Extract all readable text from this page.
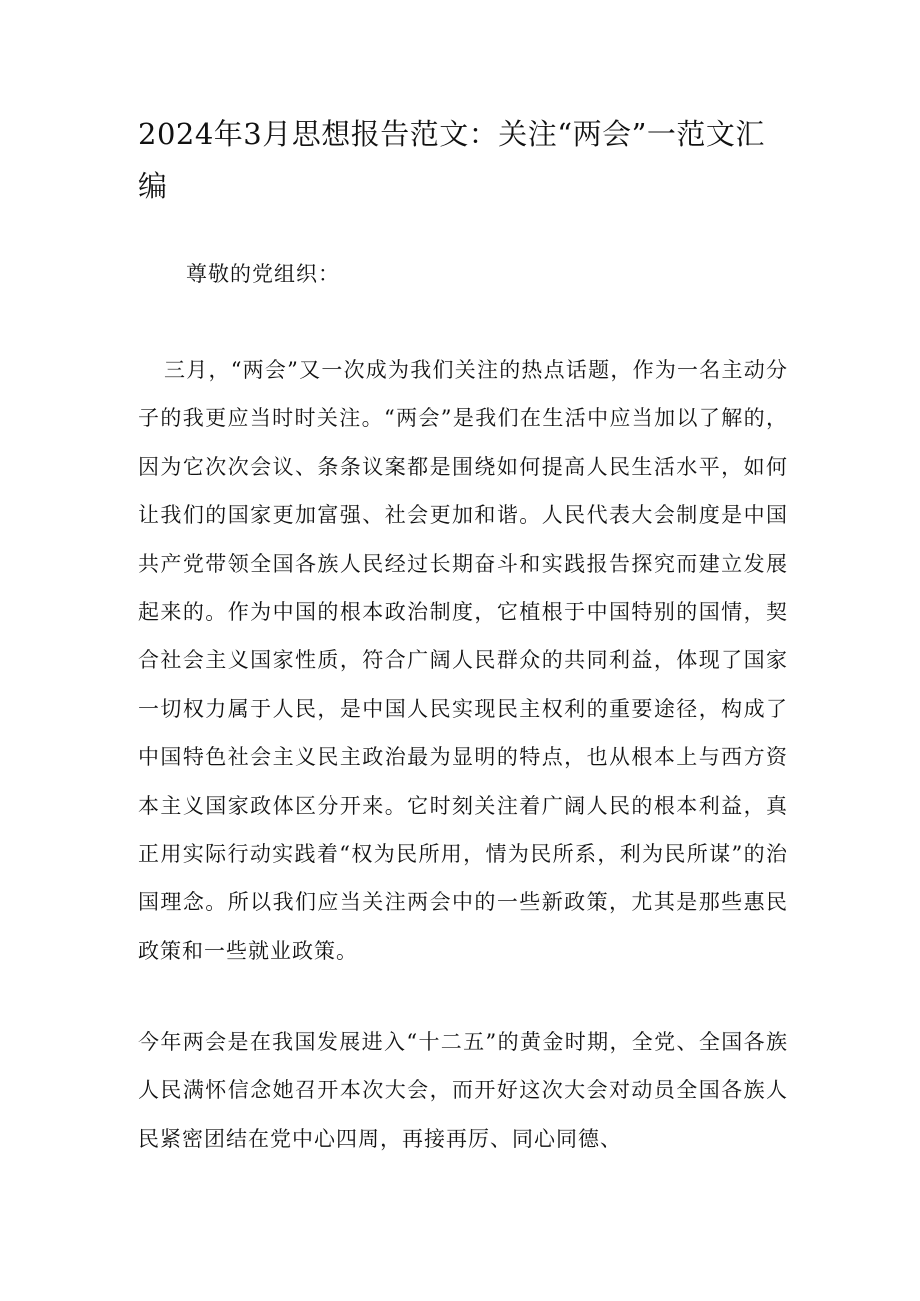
2024年3月思想报告范文：关注“两会”一范文汇编

尊敬的党组织：

三月，“两会”又一次成为我们关注的热点话题，作为一名主动分子的我更应当时时关注。“两会”是我们在生活中应当加以了解的，因为它次次会议、条条议案都是围绕如何提高人民生活水平，如何让我们的国家更加富强、社会更加和谐。人民代表大会制度是中国共产党带领全国各族人民经过长期奋斗和实践报告探究而建立发展起来的。作为中国的根本政治制度，它植根于中国特别的国情，契合社会主义国家性质，符合广阔人民群众的共同利益，体现了国家一切权力属于人民，是中国人民实现民主权利的重要途径，构成了中国特色社会主义民主政治最为显明的特点，也从根本上与西方资本主义国家政体区分开来。它时刻关注着广阔人民的根本利益，真正用实际行动实践着“权为民所用，情为民所系，利为民所谋”的治国理念。所以我们应当关注两会中的一些新政策，尤其是那些惠民政策和一些就业政策。

今年两会是在我国发展进入“十二五”的黄金时期，全党、全国各族人民满怀信念她召开本次大会，而开好这次大会对动员全国各族人民紧密团结在党中心四周，再接再厉、同心同德、
